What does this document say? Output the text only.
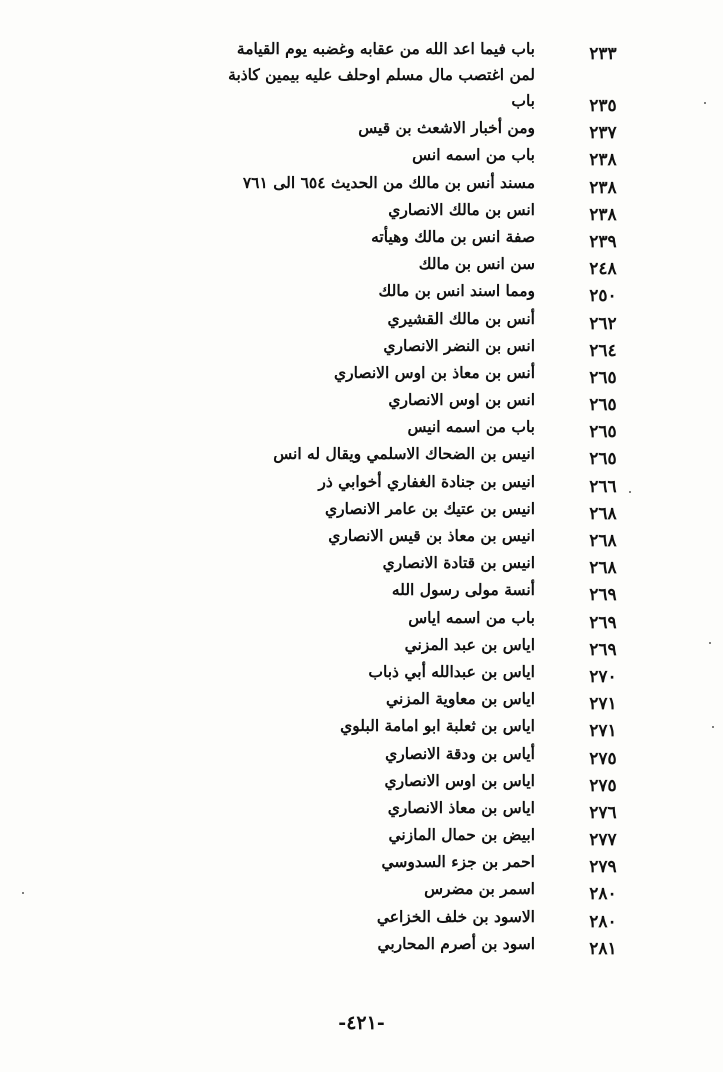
٢٣٣
باب فيما اعد الله من عقابه وغضبه يوم القيامة
لمن اغتصب مال مسلم اوحلف عليه بيمين كاذبة
٢٣٥
باب
٢٣٧
ومن أخبار الاشعث بن قيس
٢٣٨
باب من اسمه انس
٢٣٨
مسند أنس بن مالك من الحديث ٦٥٤ الى ٧٦١
٢٣٨
انس بن مالك الانصاري
٢٣٩
صفة انس بن مالك وهيأته
٢٤٨
سن انس بن مالك
٢٥٠
ومما اسند انس بن مالك
٢٦٢
أنس بن مالك القشيري
٢٦٤
انس بن النضر الانصاري
٢٦٥
أنس بن معاذ بن اوس الانصاري
٢٦٥
انس بن اوس الانصاري
٢٦٥
باب من اسمه انيس
٢٦٥
انيس بن الضحاك الاسلمي ويقال له انس
٢٦٦
انيس بن جنادة الغفاري أخوابي ذر
٢٦٨
انيس بن عتيك بن عامر الانصاري
٢٦٨
انيس بن معاذ بن قيس الانصاري
٢٦٨
انيس بن قتادة الانصاري
٢٦٩
أنسة مولى رسول الله
٢٦٩
باب من اسمه اياس
٢٦٩
اياس بن عبد المزني
٢٧٠
اياس بن عبدالله أبي ذباب
٢٧١
اياس بن معاوية المزني
٢٧١
اياس بن ثعلبة ابو امامة البلوي
٢٧٥
أياس بن ودقة الانصاري
٢٧٥
اياس بن اوس الانصاري
٢٧٦
اياس بن معاذ الانصاري
٢٧٧
ابيض بن حمال المازني
٢٧٩
احمر بن جزء السدوسي
٢٨٠
اسمر بن مضرس
٢٨٠
الاسود بن خلف الخزاعي
٢٨١
اسود بن أصرم المحاربي
-٤٢١-
